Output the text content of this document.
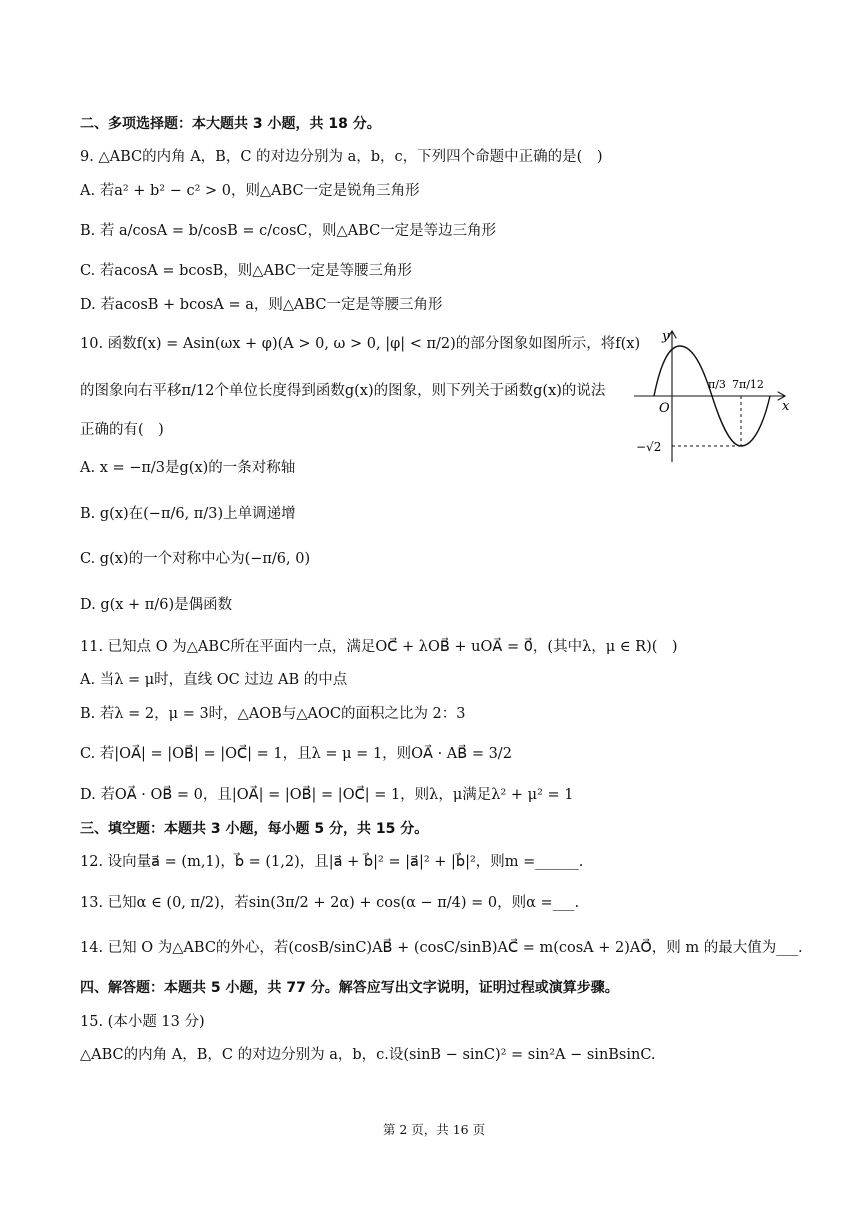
二、多项选择题：本大题共 3 小题，共 18 分。
9. △ABC的内角 A，B，C 的对边分别为 a，b，c，下列四个命题中正确的是(　)
A. 若a² + b² − c² > 0，则△ABC一定是锐角三角形
B. 若 a/cosA = b/cosB = c/cosC，则△ABC一定是等边三角形
C. 若acosA = bcosB，则△ABC一定是等腰三角形
D. 若acosB + bcosA = a，则△ABC一定是等腰三角形
10. 函数f(x) = Asin(ωx + φ)(A > 0, ω > 0, |φ| < π/2)的部分图象如图所示，将f(x)
的图象向右平移π/12个单位长度得到函数g(x)的图象，则下列关于函数g(x)的说法
正确的有(　)
A. x = −π/3是g(x)的一条对称轴
B. g(x)在(−π/6, π/3)上单调递增
C. g(x)的一个对称中心为(−π/6, 0)
D. g(x + π/6)是偶函数
y
x
O
π/3 7π/12
−√2
11. 已知点 O 为△ABC所在平面内一点，满足OC⃗ + λOB⃗ + uOA⃗ = 0⃗，(其中λ，μ ∈ R)(　)
A. 当λ = μ时，直线 OC 过边 AB 的中点
B. 若λ = 2，μ = 3时，△AOB与△AOC的面积之比为 2：3
C. 若|OA⃗| = |OB⃗| = |OC⃗| = 1，且λ = μ = 1，则OA⃗ · AB⃗ = 3/2
D. 若OA⃗ · OB⃗ = 0，且|OA⃗| = |OB⃗| = |OC⃗| = 1，则λ，μ满足λ² + μ² = 1
三、填空题：本题共 3 小题，每小题 5 分，共 15 分。
12. 设向量a⃗ = (m,1)，b⃗ = (1,2)，且|a⃗ + b⃗|² = |a⃗|² + |b⃗|²，则m =______.
13. 已知α ∈ (0, π/2)，若sin(3π/2 + 2α) + cos(α − π/4) = 0，则α =___.
14. 已知 O 为△ABC的外心，若(cosB/sinC)AB⃗ + (cosC/sinB)AC⃗ = m(cosA + 2)AO⃗，则 m 的最大值为___.
四、解答题：本题共 5 小题，共 77 分。解答应写出文字说明，证明过程或演算步骤。
15. (本小题 13 分)
△ABC的内角 A，B，C 的对边分别为 a，b，c.设(sinB − sinC)² = sin²A − sinBsinC.
第 2 页，共 16 页
